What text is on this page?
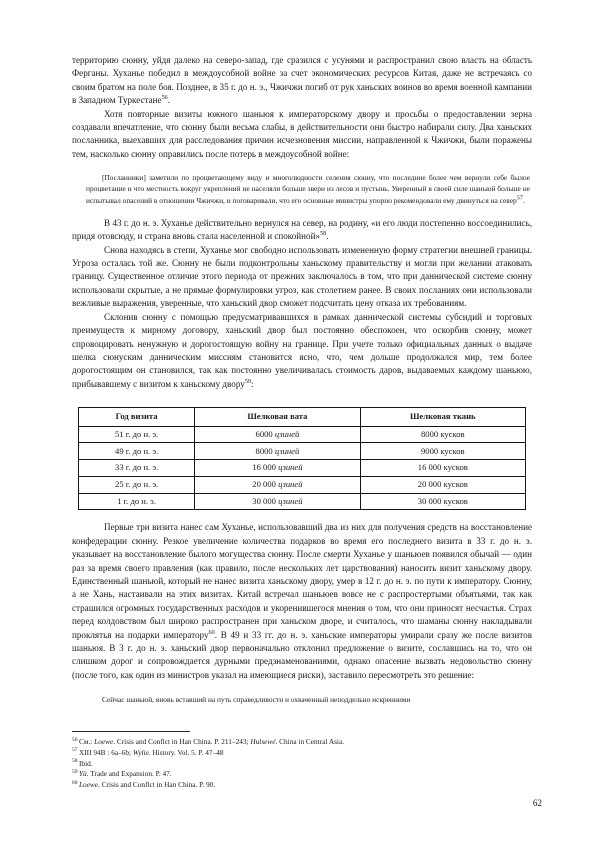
территорию сюнну, уйдя далеко на северо-запад, где сразился с усунями и распространил свою власть на область Ферганы. Хуханье победил в междоусобной войне за счет экономических ресурсов Китая, даже не встречаясь со своим братом на поле боя. Позднее, в 35 г. до н. э., Чжичжи погиб от рук ханьских воинов во время военной кампании в Западном Туркестане$^{56}$.

Хотя повторные визиты южного шаньюя к императорскому двору и просьбы о предоставлении зерна создавали впечатление, что сюнну были весьма слабы, в действительности они быстро набирали силу. Два ханьских посланника, выехавших для расследования причин исчезновения миссии, направленной к Чжичжи, были поражены тем, насколько сюнну оправились после потерь в междоусобной войне:

[Посланники] заметили по процветающему виду и многолюдности селения сюнну, что последние более чем вернули себе былое процветание и что местность вокруг укреплений не населяли больше звери из лесов и пустынь. Уверенный в своей силе шаньюй больше не испытывал опасений в отношении Чжичжи, и поговаривали, что его основные министры упорно рекомендовали ему двинуться на север$^{57}$.

В 43 г. до н. э. Хуханье действительно вернулся на север, на родину, «и его люди постепенно воссоединились, придя отовсюду, и страна вновь стала населенной и спокойной»$^{58}$.

Снова находясь в степи, Хуханье мог свободно использовать измененную форму стратегии внешней границы. Угроза осталась той же. Сюнну не были подконтрольны ханьскому правительству и могли при желании атаковать границу. Существенное отличие этого периода от прежних заключалось в том, что при даннической системе сюнну использовали скрытые, а не прямые формулировки угроз, как столетием ранее. В своих посланиях они использовали вежливые выражения, уверенные, что ханьский двор сможет подсчитать цену отказа их требованиям.

Склонив сюнну с помощью предусматривавшихся в рамках даннической системы субсидий и торговых преимуществ к мирному договору, ханьский двор был постоянно обеспокоен, что оскорбив сюнну, может спровоцировать ненужную и дорогостоящую войну на границе. При учете только официальных данных о выдаче шелка сюнуским данническим миссиям становится ясно, что, чем дольше продолжался мир, тем более дорогостоящим он становился, так как постоянно увеличивалась стоимость даров, выдаваемых каждому шаньюю, прибывавшему с визитом к ханьскому двору$^{59}$:

Год визита	Шелковая вата	Шелковая ткань
51 г. до н. э.	6000 цзиней	8000 кусков
49 г. до н. э.	8000 цзиней	9000 кусков
33 г. до н. э.	16 000 цзиней	16 000 кусков
25 г. до н. э.	20 000 цзиней	20 000 кусков
1 г. до н. э.	30 000 цзиней	30 000 кусков

Первые три визита нанес сам Хуханье, использовавший два из них для получения средств на восстановление конфедерации сюнну. Резкое увеличение количества подарков во время его последнего визита в 33 г. до н. э. указывает на восстановление былого могущества сюнну. После смерти Хуханье у шаньюев появился обычай — один раз за время своего правления (как правило, после нескольких лет царствования) наносить визит ханьскому двору. Единственный шаньюй, который не нанес визита ханьскому двору, умер в 12 г. до н. э. по пути к императору. Сюнну, а не Хань, настаивали на этих визитах. Китай встречал шаньюев вовсе не с распростертыми объятьями, так как страшился огромных государственных расходов и укоренившегося мнения о том, что они приносят несчастья. Страх перед колдовством был широко распространен при ханьском дворе, и считалось, что шаманы сюнну накладывали проклятья на подарки императору$^{60}$. В 49 и 33 гг. до н. э. ханьские императоры умирали сразу же после визитов шаньюя. В 3 г. до н. э. ханьский двор первоначально отклонил предложение о визите, сославшись на то, что он слишком дорог и сопровождается дурными предзнаменованиями, однако опасение вызвать недовольство сюнну (после того, как один из министров указал на имеющиеся риски), заставило пересмотреть это решение:

Сейчас шаньюй, вновь вставший на путь справедливости и охваченный неподдельно искренними

$^{56}$См.: Loewe. Crisis and Conflct in Han China. P. 211–243; Hulsewé. China in Central Asia.

$^{57}$ХIII 94B : 6a–6b; Wylie. History. Vol. 5. P. 47–48

$^{58}$Ibid.

$^{59}$Yü. Trade and Expansion. P. 47.

$^{60}$Loewe. Crisis and Conflct in Han China. P. 90.

62
